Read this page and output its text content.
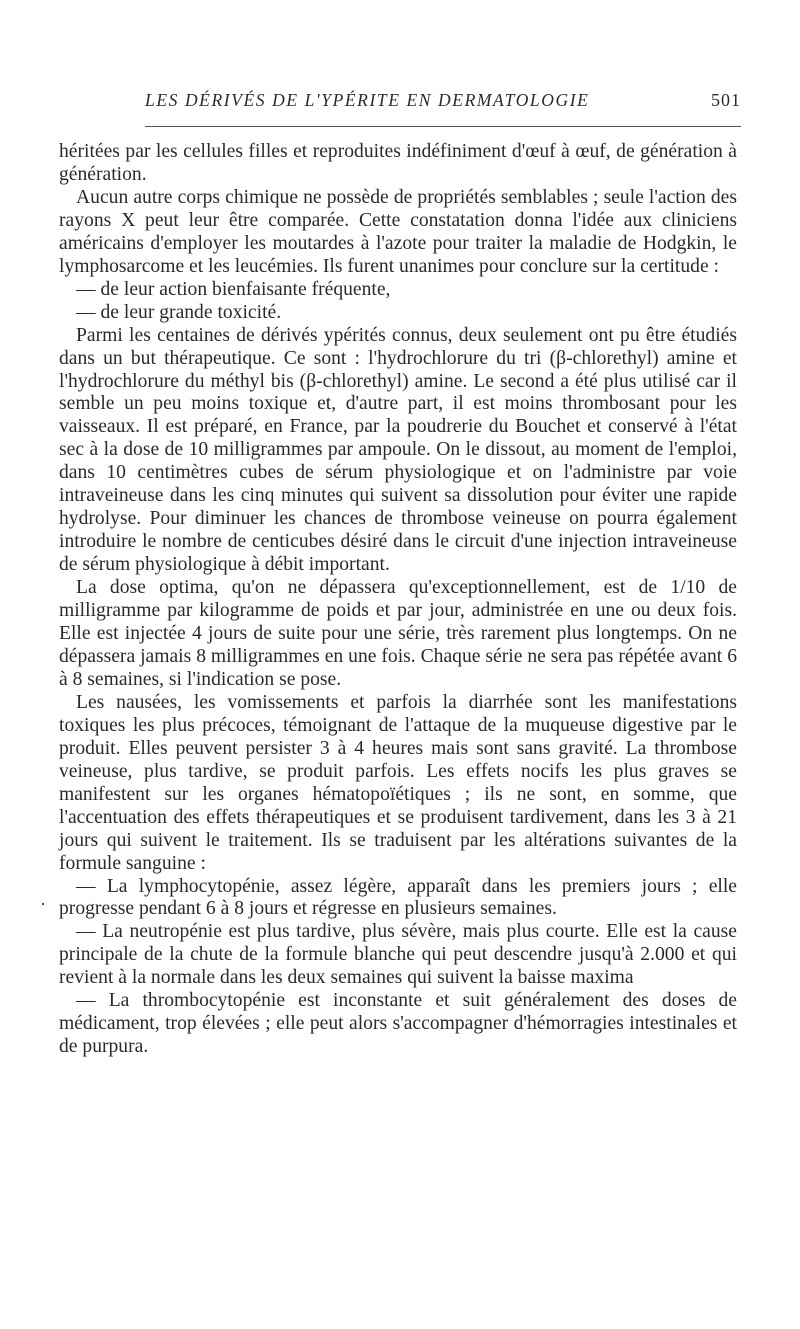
LES DÉRIVÉS DE L'YPÉRITE EN DERMATOLOGIE	501

héritées par les cellules filles et reproduites indéfiniment d'œuf à œuf, de génération à génération.

Aucun autre corps chimique ne possède de propriétés semblables ; seule l'action des rayons X peut leur être comparée. Cette constatation donna l'idée aux cliniciens américains d'employer les moutardes à l'azote pour traiter la maladie de Hodgkin, le lymphosarcome et les leucémies. Ils furent unanimes pour conclure sur la certitude :

— de leur action bienfaisante fréquente,

— de leur grande toxicité.

Parmi les centaines de dérivés ypérités connus, deux seulement ont pu être étudiés dans un but thérapeutique. Ce sont : l'hydrochlorure du tri (β-chlorethyl) amine et l'hydrochlorure du méthyl bis (β-chlorethyl) amine. Le second a été plus utilisé car il semble un peu moins toxique et, d'autre part, il est moins thrombosant pour les vaisseaux. Il est préparé, en France, par la poudrerie du Bouchet et conservé à l'état sec à la dose de 10 milligrammes par ampoule. On le dissout, au moment de l'emploi, dans 10 centimètres cubes de sérum physiologique et on l'administre par voie intraveineuse dans les cinq minutes qui suivent sa dissolution pour éviter une rapide hydrolyse. Pour diminuer les chances de thrombose veineuse on pourra également introduire le nombre de centicubes désiré dans le circuit d'une injection intraveineuse de sérum physiologique à débit important.

La dose optima, qu'on ne dépassera qu'exceptionnellement, est de 1/10 de milligramme par kilogramme de poids et par jour, administrée en une ou deux fois. Elle est injectée 4 jours de suite pour une série, très rarement plus longtemps. On ne dépassera jamais 8 milligrammes en une fois. Chaque série ne sera pas répétée avant 6 à 8 semaines, si l'indication se pose.

Les nausées, les vomissements et parfois la diarrhée sont les manifestations toxiques les plus précoces, témoignant de l'attaque de la muqueuse digestive par le produit. Elles peuvent persister 3 à 4 heures mais sont sans gravité. La thrombose veineuse, plus tardive, se produit parfois. Les effets nocifs les plus graves se manifestent sur les organes hématopoïétiques ; ils ne sont, en somme, que l'accentuation des effets thérapeutiques et se produisent tardivement, dans les 3 à 21 jours qui suivent le traitement. Ils se traduisent par les altérations suivantes de la formule sanguine :

— La lymphocytopénie, assez légère, apparaît dans les premiers jours ; elle progresse pendant 6 à 8 jours et régresse en plusieurs semaines.

— La neutropénie est plus tardive, plus sévère, mais plus courte. Elle est la cause principale de la chute de la formule blanche qui peut descendre jusqu'à 2.000 et qui revient à la normale dans les deux semaines qui suivent la baisse maxima

— La thrombocytopénie est inconstante et suit généralement des doses de médicament, trop élevées ; elle peut alors s'accompagner d'hémorragies intestinales et de purpura.

·
